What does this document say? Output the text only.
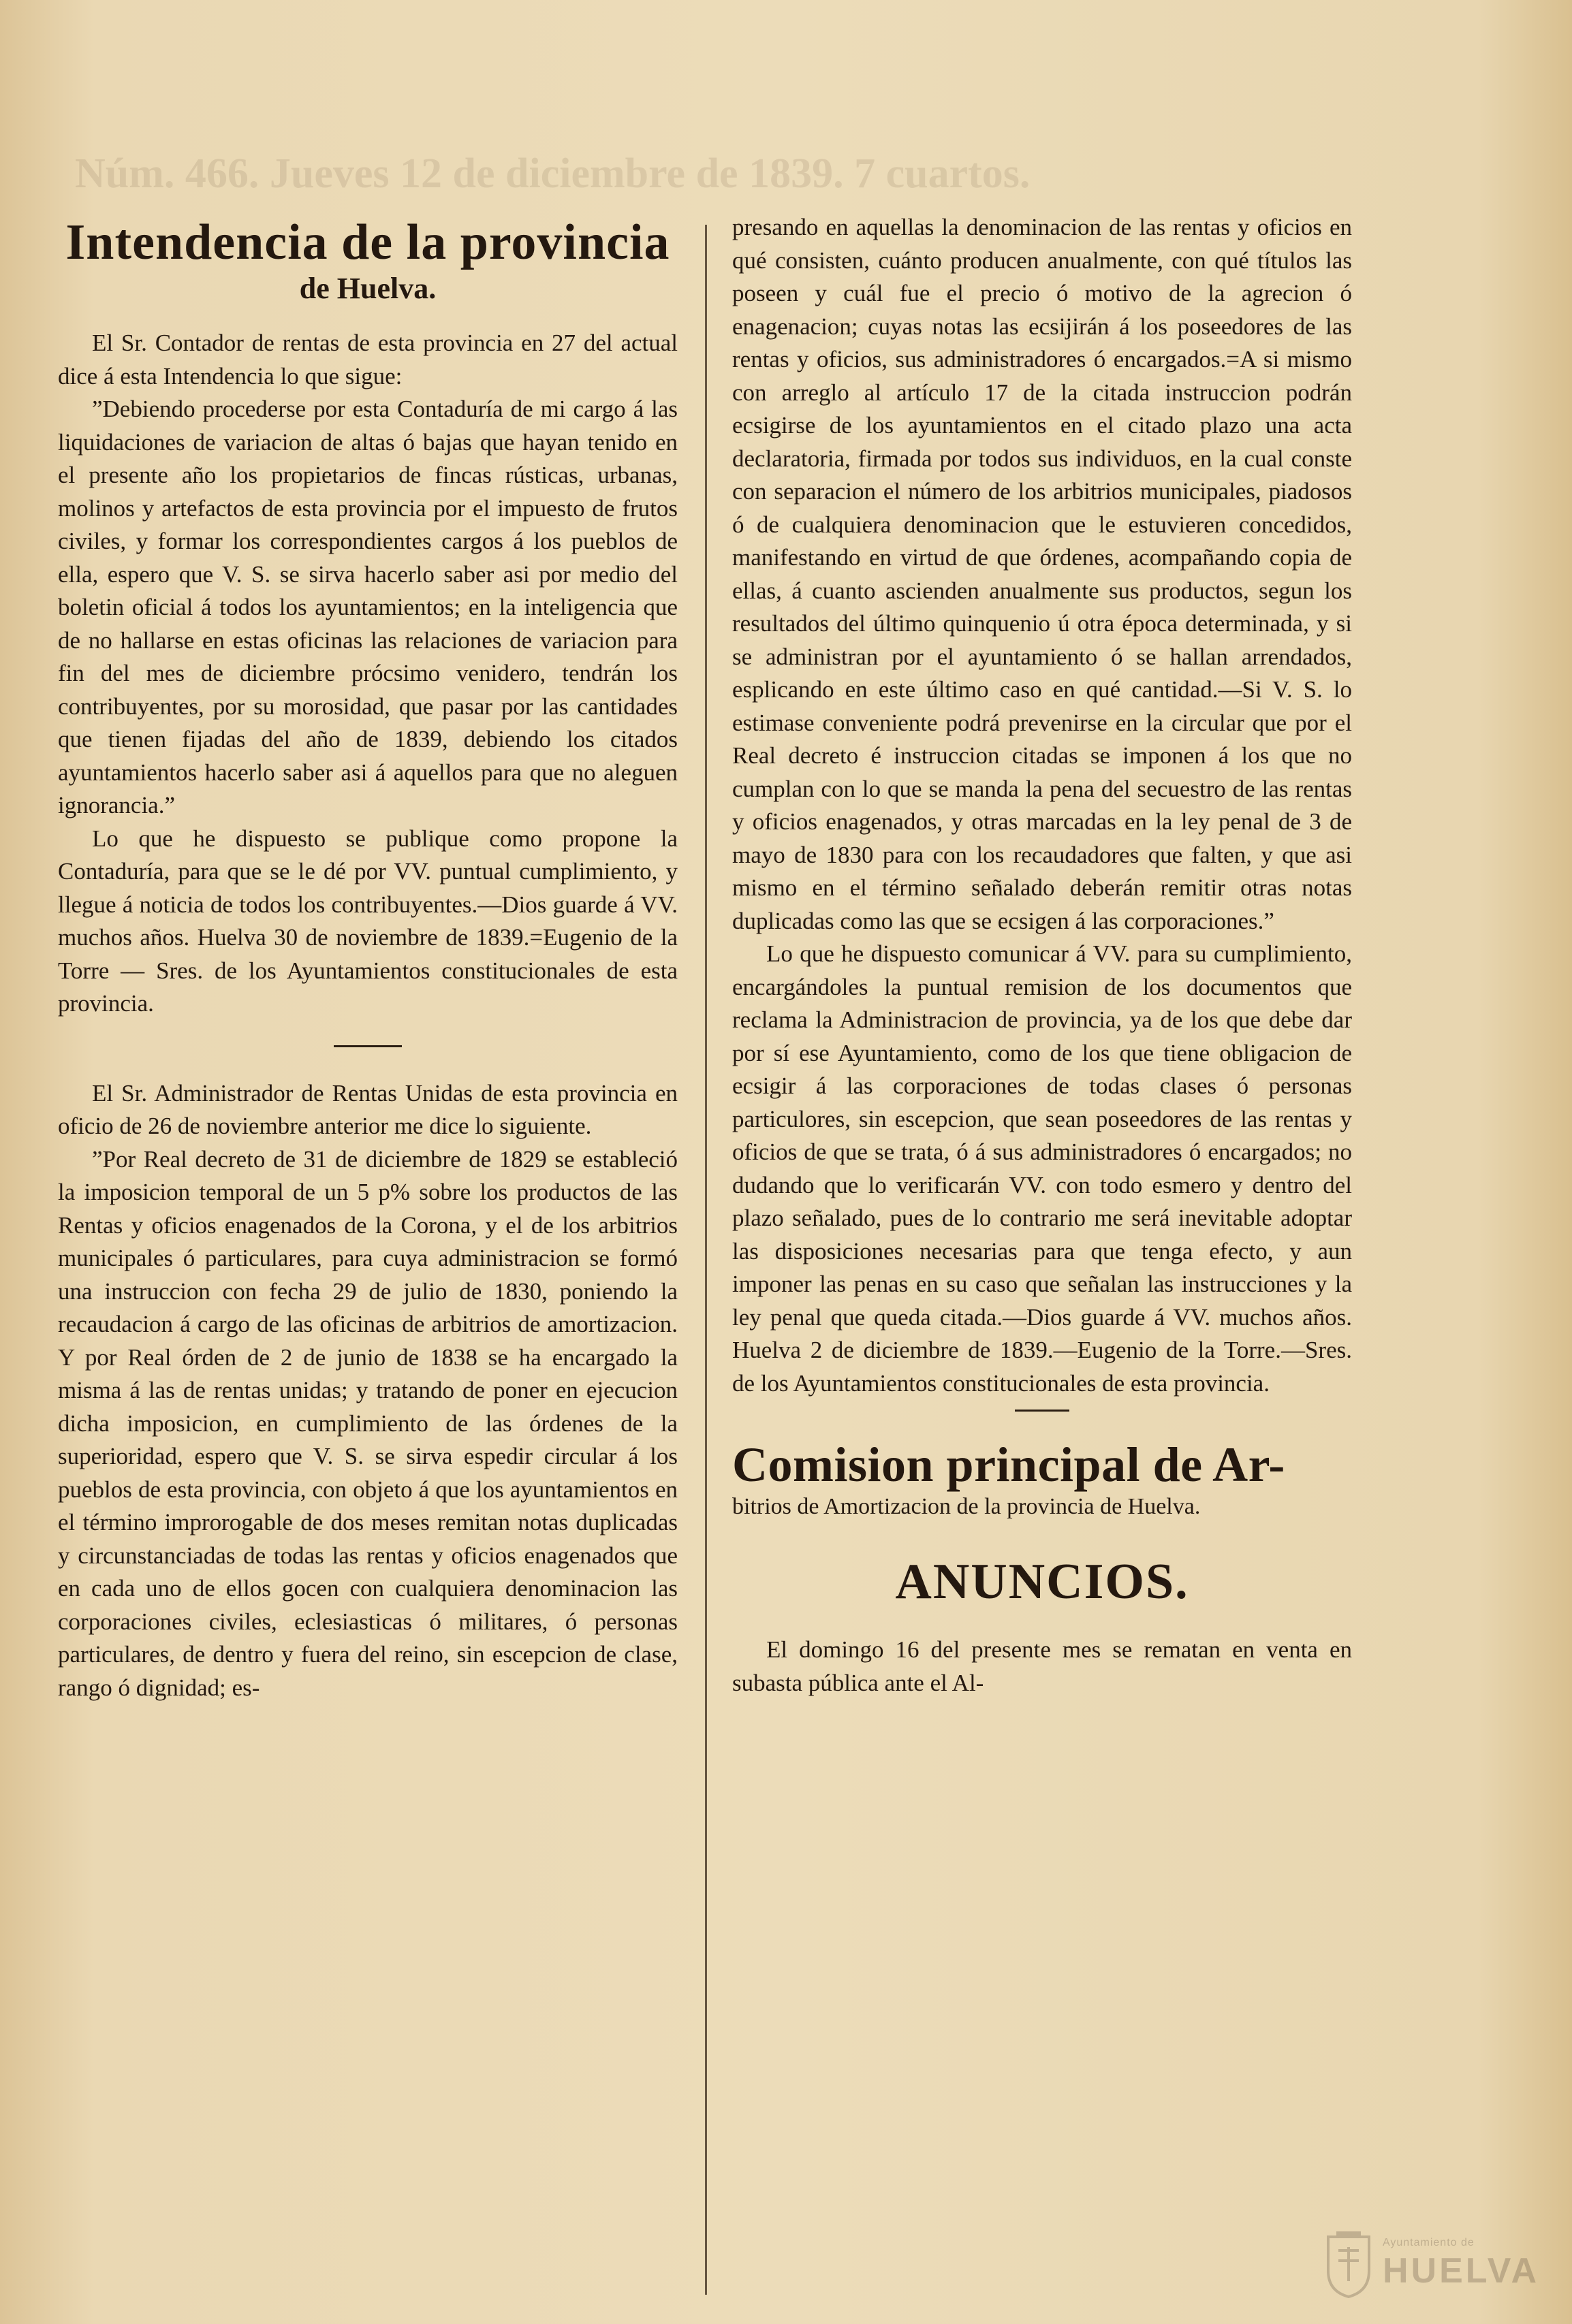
Núm. 466. Jueves 12 de diciembre de 1839. 7 cuartos.
Intendencia de la provincia
de Huelva.

El Sr. Contador de rentas de esta provincia en 27 del actual dice á esta Intendencia lo que sigue:

”Debiendo procederse por esta Contaduría de mi cargo á las liquidaciones de variacion de altas ó bajas que hayan tenido en el presente año los propietarios de fincas rústicas, urbanas, molinos y artefactos de esta provincia por el impuesto de frutos civiles, y formar los correspondientes cargos á los pueblos de ella, espero que V. S. se sirva hacerlo saber asi por medio del boletin oficial á todos los ayuntamientos; en la inteligencia que de no hallarse en estas oficinas las relaciones de variacion para fin del mes de diciembre prócsimo venidero, tendrán los contribuyentes, por su morosidad, que pasar por las cantidades que tienen fijadas del año de 1839, debiendo los citados ayuntamientos hacerlo saber asi á aquellos para que no aleguen ignorancia.”

Lo que he dispuesto se publique como propone la Contaduría, para que se le dé por VV. puntual cumplimiento, y llegue á noticia de todos los contribuyentes.—Dios guarde á VV. muchos años. Huelva 30 de noviembre de 1839.=Eugenio de la Torre — Sres. de los Ayuntamientos constitucionales de esta provincia.

El Sr. Administrador de Rentas Unidas de esta provincia en oficio de 26 de noviembre anterior me dice lo siguiente.

”Por Real decreto de 31 de diciembre de 1829 se estableció la imposicion temporal de un 5 p% sobre los productos de las Rentas y oficios enagenados de la Corona, y el de los arbitrios municipales ó particulares, para cuya administracion se formó una instruccion con fecha 29 de julio de 1830, poniendo la recaudacion á cargo de las oficinas de arbitrios de amortizacion. Y por Real órden de 2 de junio de 1838 se ha encargado la misma á las de rentas unidas; y tratando de poner en ejecucion dicha imposicion, en cumplimiento de las órdenes de la superioridad, espero que V. S. se sirva espedir circular á los pueblos de esta provincia, con objeto á que los ayuntamientos en el término improrogable de dos meses remitan notas duplicadas y circunstanciadas de todas las rentas y oficios enagenados que en cada uno de ellos gocen con cualquiera denominacion las corporaciones civiles, eclesiasticas ó militares, ó personas particulares, de dentro y fuera del reino, sin escepcion de clase, rango ó dignidad; es-

presando en aquellas la denominacion de las rentas y oficios en qué consisten, cuánto producen anualmente, con qué títulos las poseen y cuál fue el precio ó motivo de la agrecion ó enagenacion; cuyas notas las ecsijirán á los poseedores de las rentas y oficios, sus administradores ó encargados.=A si mismo con arreglo al artículo 17 de la citada instruccion podrán ecsigirse de los ayuntamientos en el citado plazo una acta declaratoria, firmada por todos sus individuos, en la cual conste con separacion el número de los arbitrios municipales, piadosos ó de cualquiera denominacion que le estuvieren concedidos, manifestando en virtud de que órdenes, acompañando copia de ellas, á cuanto ascienden anualmente sus productos, segun los resultados del último quinquenio ú otra época determinada, y si se administran por el ayuntamiento ó se hallan arrendados, esplicando en este último caso en qué cantidad.—Si V. S. lo estimase conveniente podrá prevenirse en la circular que por el Real decreto é instruccion citadas se imponen á los que no cumplan con lo que se manda la pena del secuestro de las rentas y oficios enagenados, y otras marcadas en la ley penal de 3 de mayo de 1830 para con los recaudadores que falten, y que asi mismo en el término señalado deberán remitir otras notas duplicadas como las que se ecsigen á las corporaciones.”

Lo que he dispuesto comunicar á VV. para su cumplimiento, encargándoles la puntual remision de los documentos que reclama la Administracion de provincia, ya de los que debe dar por sí ese Ayuntamiento, como de los que tiene obligacion de ecsigir á las corporaciones de todas clases ó personas particulores, sin escepcion, que sean poseedores de las rentas y oficios de que se trata, ó á sus administradores ó encargados; no dudando que lo verificarán VV. con todo esmero y dentro del plazo señalado, pues de lo contrario me será inevitable adoptar las disposiciones necesarias para que tenga efecto, y aun imponer las penas en su caso que señalan las instrucciones y la ley penal que queda citada.—Dios guarde á VV. muchos años. Huelva 2 de diciembre de 1839.—Eugenio de la Torre.—Sres. de los Ayuntamientos constitucionales de esta provincia.

Comision principal de Ar-
bitrios de Amortizacion de la provincia de Huelva.
ANUNCIOS.

El domingo 16 del presente mes se rematan en venta en subasta pública ante el Al-

Ayuntamiento de
HUELVA
